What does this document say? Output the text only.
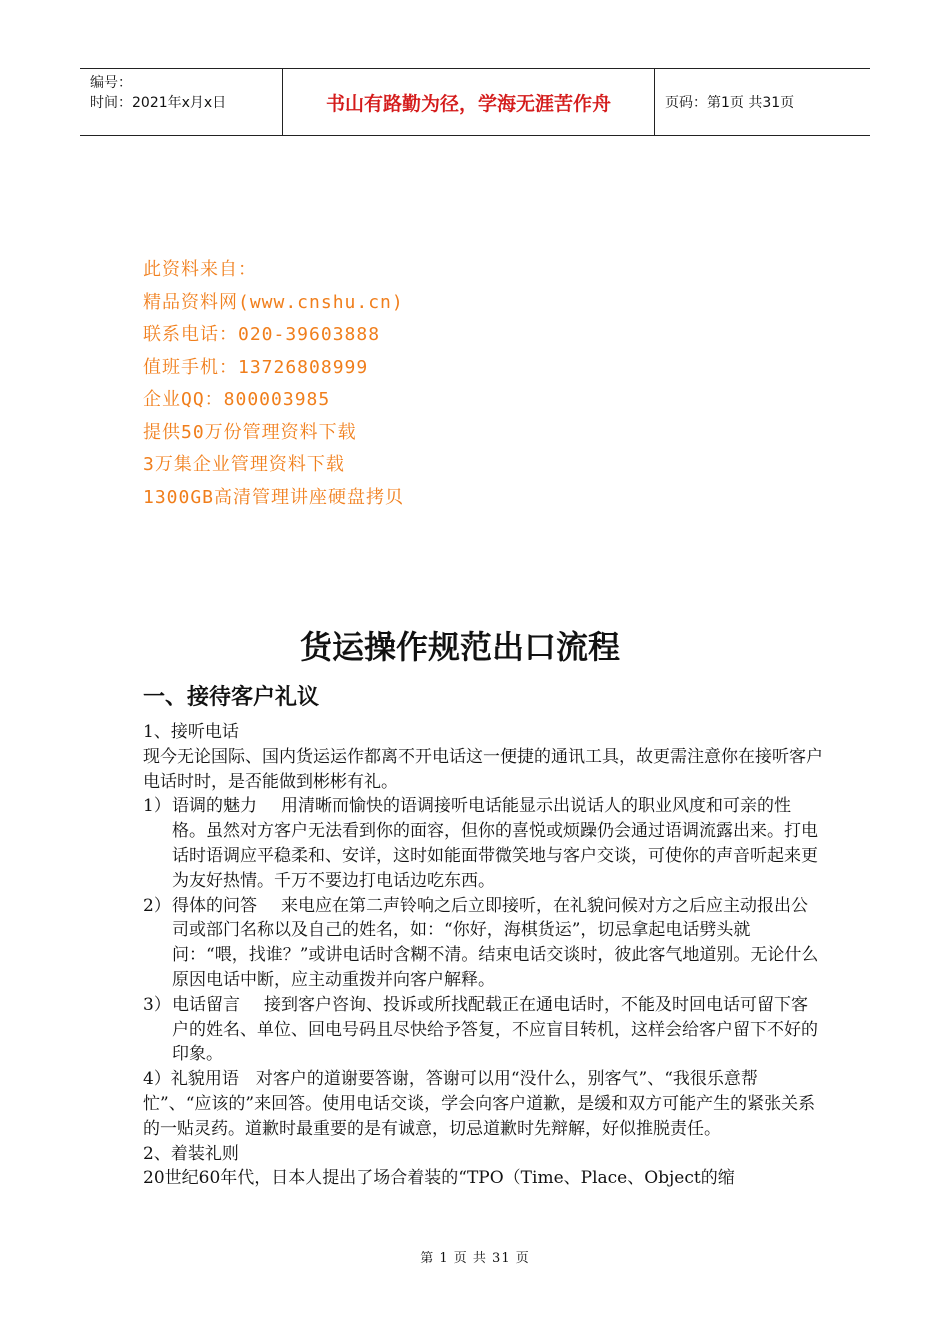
编号：
时间：2021年x月x日	书山有路勤为径，学海无涯苦作舟	页码：第1页 共31页
此资料来自：
精品资料网(www.cnshu.cn)
联系电话：020-39603888
值班手机：13726808999
企业QQ：800003985
提供50万份管理资料下载
3万集企业管理资料下载
1300GB高清管理讲座硬盘拷贝
货运操作规范出口流程
一、接待客户礼议
1、接听电话
现今无论国际、国内货运运作都离不开电话这一便捷的通讯工具，故更需注意你在接听客户电话时时，是否能做到彬彬有礼。
1）语调的魅力 用清晰而愉快的语调接听电话能显示出说话人的职业风度和可亲的性格。虽然对方客户无法看到你的面容，但你的喜悦或烦躁仍会通过语调流露出来。打电话时语调应平稳柔和、安详，这时如能面带微笑地与客户交谈，可使你的声音听起来更为友好热情。千万不要边打电话边吃东西。
2）得体的问答 来电应在第二声铃响之后立即接听，在礼貌问候对方之后应主动报出公司或部门名称以及自己的姓名，如：“你好，海棋货运”，切忌拿起电话劈头就问：“喂，找谁？”或讲电话时含糊不清。结束电话交谈时，彼此客气地道别。无论什么原因电话中断，应主动重拨并向客户解释。
3）电话留言 接到客户咨询、投诉或所找配载正在通电话时，不能及时回电话可留下客户的姓名、单位、回电号码且尽快给予答复，不应盲目转机，这样会给客户留下不好的印象。
4）礼貌用语　对客户的道谢要答谢，答谢可以用“没什么，别客气”、“我很乐意帮忙”、“应该的”来回答。使用电话交谈，学会向客户道歉，是缓和双方可能产生的紧张关系的一贴灵药。道歉时最重要的是有诚意，切忌道歉时先辩解，好似推脱责任。
2、着装礼则
20世纪60年代，日本人提出了场合着装的“TPO（Time、Place、Object的缩
第 1 页 共 31 页
